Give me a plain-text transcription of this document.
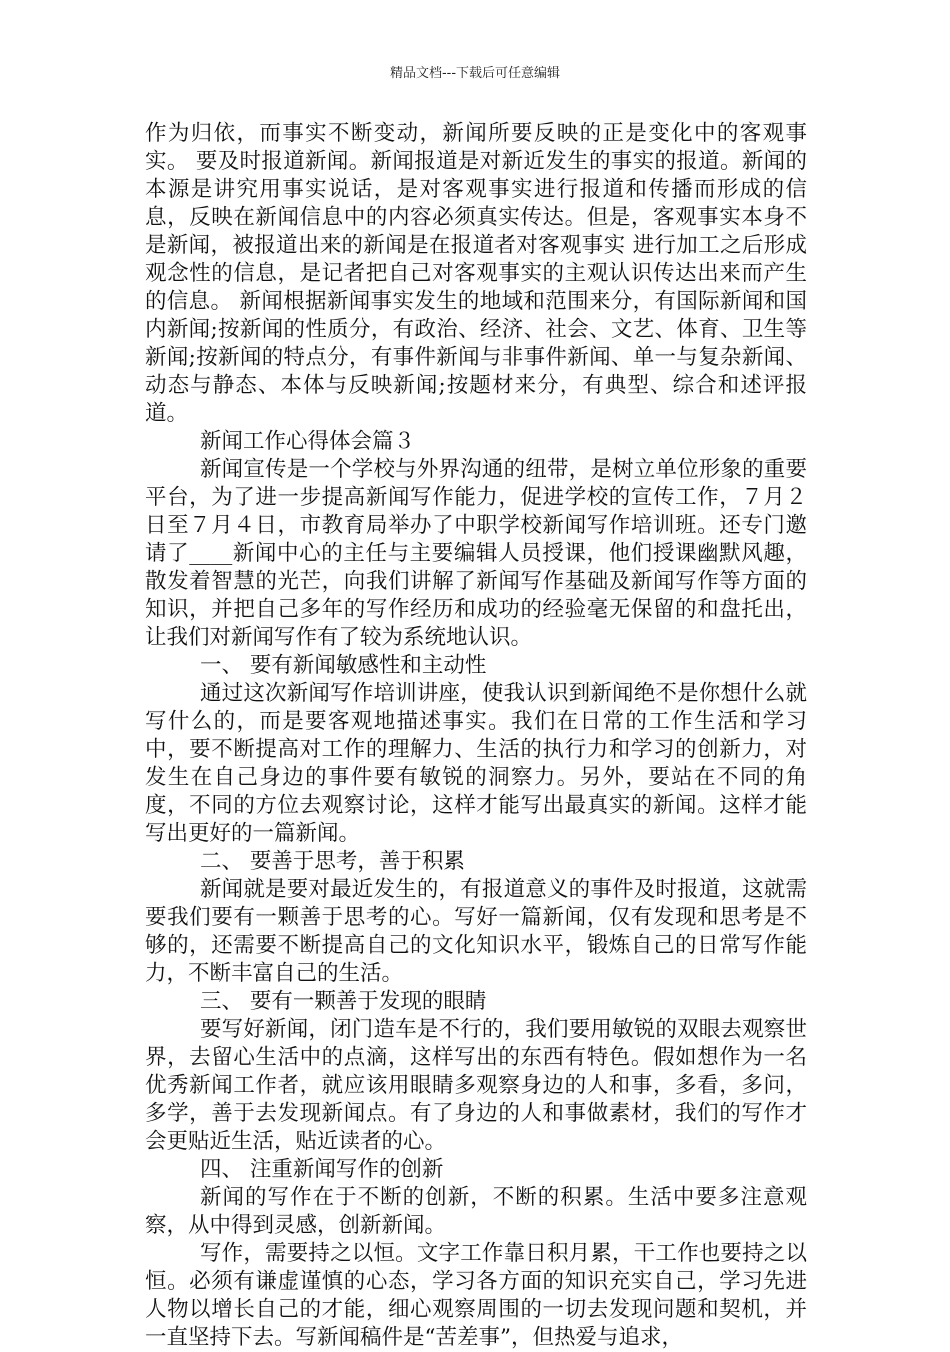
精品文档---下载后可任意编辑

作为归依，而事实不断变动，新闻所要反映的正是变化中的客观事实。 要及时报道新闻。新闻报道是对新近发生的事实的报道。新闻的本源是讲究用事实说话，是对客观事实进行报道和传播而形成的信息，反映在新闻信息中的内容必须真实传达。但是，客观事实本身不是新闻，被报道出来的新闻是在报道者对客观事实 进行加工之后形成观念性的信息，是记者把自己对客观事实的主观认识传达出来而产生的信息。 新闻根据新闻事实发生的地域和范围来分，有国际新闻和国内新闻;按新闻的性质分，有政治、经济、社会、文艺、体育、卫生等新闻;按新闻的特点分，有事件新闻与非事件新闻、单一与复杂新闻、动态与静态、本体与反映新闻;按题材来分，有典型、综合和述评报道。

新闻工作心得体会篇３

新闻宣传是一个学校与外界沟通的纽带，是树立单位形象的重要平台，为了进一步提高新闻写作能力，促进学校的宣传工作，７月２日至７月４日，市教育局举办了中职学校新闻写作培训班。还专门邀请了____新闻中心的主任与主要编辑人员授课，他们授课幽默风趣，散发着智慧的光芒，向我们讲解了新闻写作基础及新闻写作等方面的知识，并把自己多年的写作经历和成功的经验毫无保留的和盘托出，让我们对新闻写作有了较为系统地认识。

一、 要有新闻敏感性和主动性

通过这次新闻写作培训讲座，使我认识到新闻绝不是你想什么就写什么的，而是要客观地描述事实。我们在日常的工作生活和学习中，要不断提高对工作的理解力、生活的执行力和学习的创新力，对发生在自己身边的事件要有敏锐的洞察力。另外，要站在不同的角度，不同的方位去观察讨论，这样才能写出最真实的新闻。这样才能写出更好的一篇新闻。

二、 要善于思考，善于积累

新闻就是要对最近发生的，有报道意义的事件及时报道，这就需要我们要有一颗善于思考的心。写好一篇新闻，仅有发现和思考是不够的，还需要不断提高自己的文化知识水平，锻炼自己的日常写作能力，不断丰富自己的生活。

三、 要有一颗善于发现的眼睛

要写好新闻，闭门造车是不行的，我们要用敏锐的双眼去观察世界，去留心生活中的点滴，这样写出的东西有特色。假如想作为一名优秀新闻工作者，就应该用眼睛多观察身边的人和事，多看，多问，多学，善于去发现新闻点。有了身边的人和事做素材，我们的写作才会更贴近生活，贴近读者的心。

四、 注重新闻写作的创新

新闻的写作在于不断的创新，不断的积累。生活中要多注意观察，从中得到灵感，创新新闻。

写作，需要持之以恒。文字工作靠日积月累，干工作也要持之以恒。必须有谦虚谨慎的心态，学习各方面的知识充实自己，学习先进人物以增长自己的才能，细心观察周围的一切去发现问题和契机，并一直坚持下去。写新闻稿件是“苦差事”，但热爱与追求，
